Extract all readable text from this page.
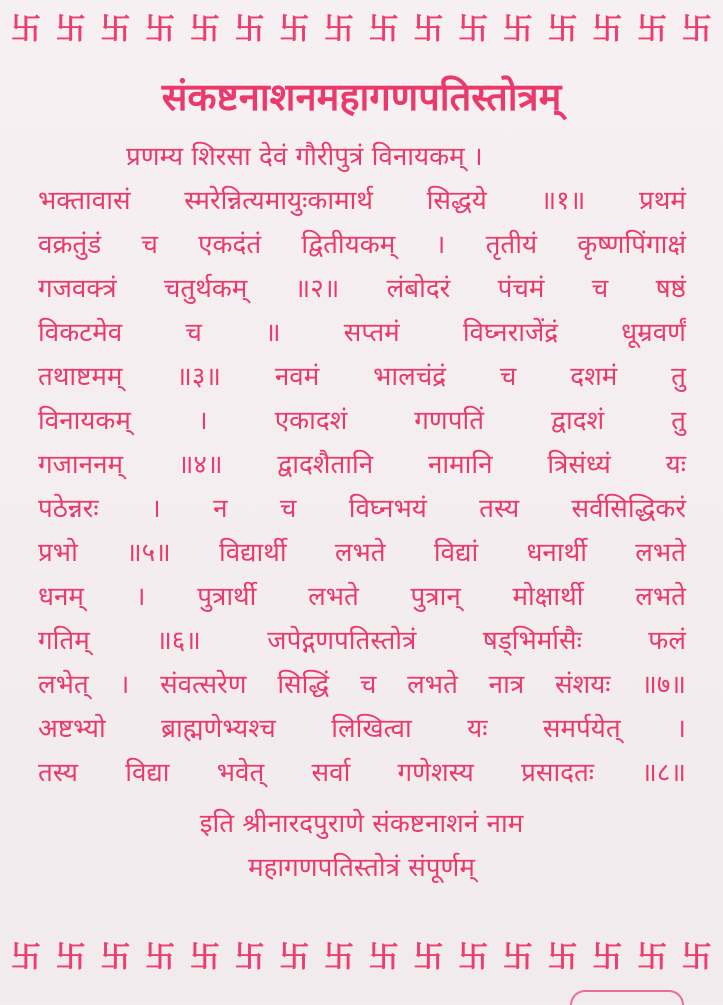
卐 卐 卐 卐 卐 卐 卐 卐 卐 卐 卐 卐 卐 卐 卐 卐
संकष्टनाशनमहागणपतिस्तोत्रम्
प्रणम्य शिरसा देवं गौरीपुत्रं विनायकम् ।
भक्तावासं स्मरेन्नित्यमायुःकामार्थ सिद्धये ॥१॥ प्रथमं
वक्रतुंडं च एकदंतं द्वितीयकम् । तृतीयं कृष्णपिंगाक्षं
गजवक्त्रं चतुर्थकम् ॥२॥ लंबोदरं पंचमं च षष्ठं
विकटमेव च ॥ सप्तमं विघ्नराजेंद्रं धूम्रवर्णं
तथाष्टमम् ॥३॥ नवमं भालचंद्रं च दशमं तु
विनायकम्	।	एकादशं	गणपतिं	द्वादशं	तु
गजाननम् ॥४॥ द्वादशैतानि नामानि त्रिसंध्यं यः
पठेन्नरः । न च विघ्नभयं तस्य सर्वसिद्धिकरं
प्रभो ॥५॥ विद्यार्थी लभते विद्यां धनार्थी लभते
धनम् । पुत्रार्थी लभते पुत्रान् मोक्षार्थी लभते
गतिम्	॥६॥	जपेद्गणपतिस्तोत्रं	षड्भिर्मासैः	फलं
लभेत् । संवत्सरेण सिद्धिं च लभते नात्र संशयः ॥७॥
अष्टभ्यो ब्राह्मणेभ्यश्च लिखित्वा यः समर्पयेत् ।
तस्य विद्या भवेत् सर्वा गणेशस्य प्रसादतः ॥८॥
इति श्रीनारदपुराणे संकष्टनाशनं नाम
महागणपतिस्तोत्रं संपूर्णम्
卐 卐 卐 卐 卐 卐 卐 卐 卐 卐 卐 卐 卐 卐 卐 卐
